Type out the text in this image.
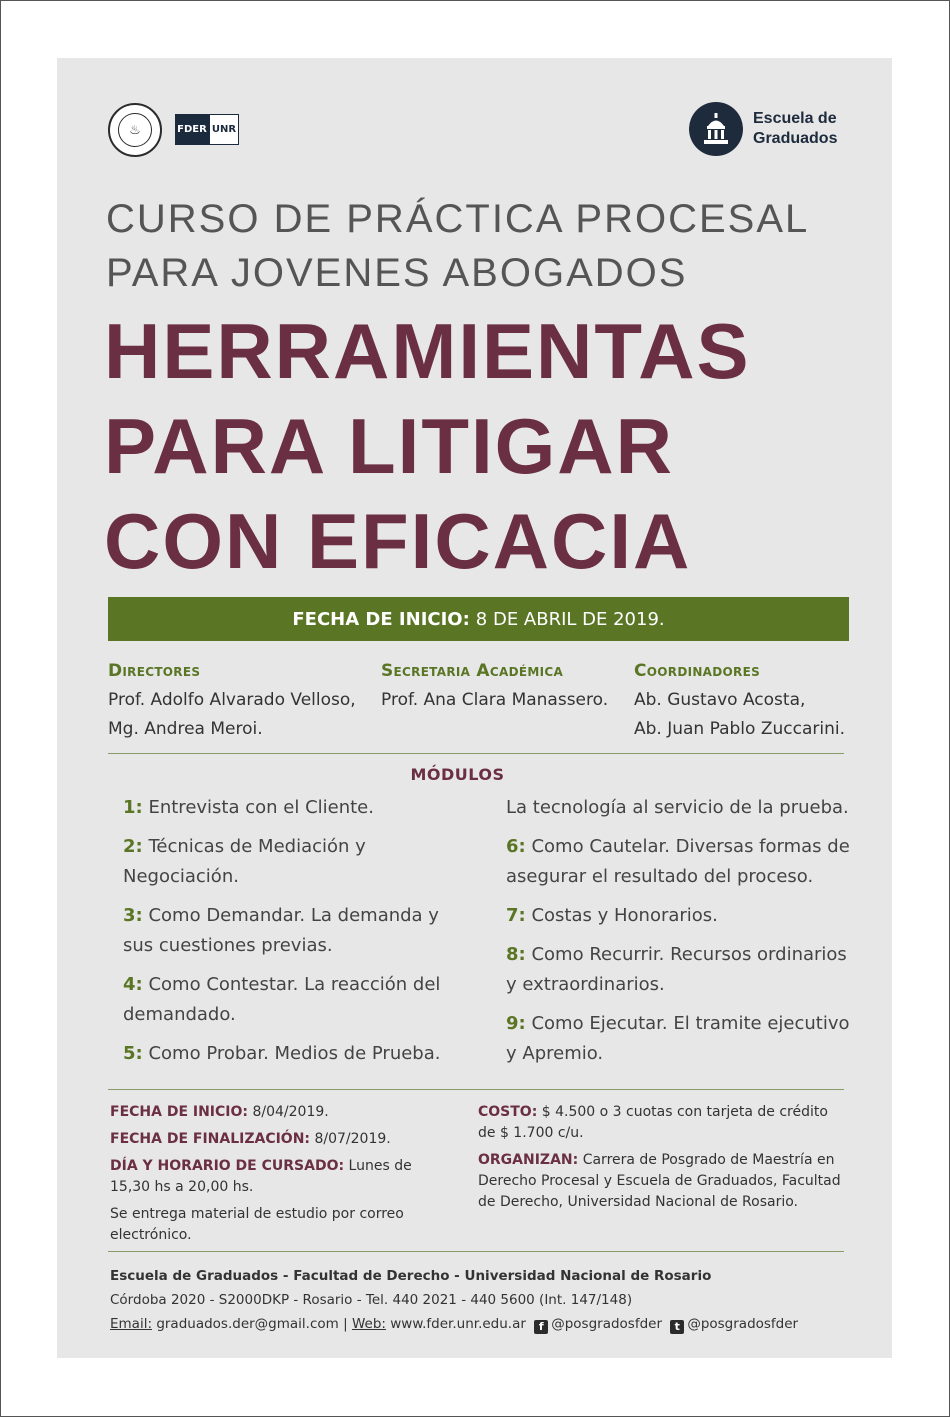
♨	FDER UNR
Escuela de
Graduados
CURSO DE PRÁCTICA PROCESAL
PARA JOVENES ABOGADOS
HERRAMIENTAS
PARA LITIGAR
CON EFICACIA
FECHA DE INICIO: 8 DE ABRIL DE 2019.
Directores
Prof. Adolfo Alvarado Velloso,
Mg. Andrea Meroi.
Secretaria Académica
Prof. Ana Clara Manassero.
Coordinadores
Ab. Gustavo Acosta,
Ab. Juan Pablo Zuccarini.
MÓDULOS
1: Entrevista con el Cliente.
2: Técnicas de Mediación y Negociación.
3: Como Demandar. La demanda y sus cuestiones previas.
4: Como Contestar. La reacción del demandado.
5: Como Probar. Medios de Prueba.
La tecnología al servicio de la prueba.
6: Como Cautelar. Diversas formas de asegurar el resultado del proceso.
7: Costas y Honorarios.
8: Como Recurrir. Recursos ordinarios y extraordinarios.
9: Como Ejecutar. El tramite ejecutivo y Apremio.

FECHA DE INICIO: 8/04/2019.

FECHA DE FINALIZACIÓN: 8/07/2019.

DÍA Y HORARIO DE CURSADO: Lunes de 15,30 hs a 20,00 hs.

Se entrega material de estudio por correo electrónico.

COSTO: $ 4.500 o 3 cuotas con tarjeta de crédito de $ 1.700 c/u.

ORGANIZAN: Carrera de Posgrado de Maestría en Derecho Procesal y Escuela de Graduados, Facultad de Derecho, Universidad Nacional de Rosario.

Escuela de Graduados - Facultad de Derecho - Universidad Nacional de Rosario
Córdoba 2020 - S2000DKP - Rosario - Tel. 440 2021 - 440 5600 (Int. 147/148)
Email: graduados.der@gmail.com | Web: www.fder.unr.edu.ar f @posgradosfder t @posgradosfder
